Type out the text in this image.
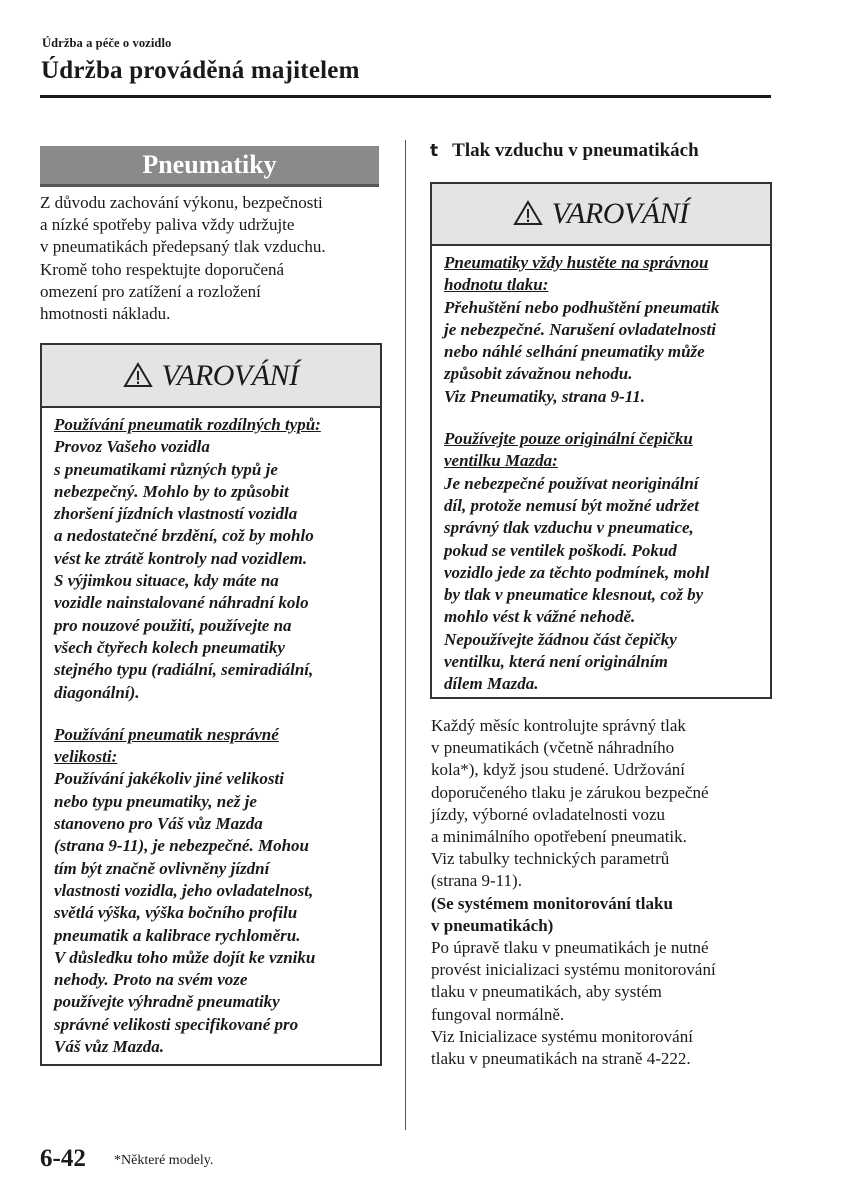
Údržba a péče o vozidlo
Údržba prováděná majitelem
Pneumatiky
Z důvodu zachování výkonu, bezpečnosti
a nízké spotřeby paliva vždy udržujte
v pneumatikách předepsaný tlak vzduchu.
Kromě toho respektujte doporučená
omezení pro zatížení a rozložení
hmotnosti nákladu.
VAROVÁNÍ
Používání pneumatik rozdílných typů:
Provoz Vašeho vozidla
s pneumatikami různých typů je
nebezpečný. Mohlo by to způsobit
zhoršení jízdních vlastností vozidla
a nedostatečné brzdění, což by mohlo
vést ke ztrátě kontroly nad vozidlem.
S výjimkou situace, kdy máte na
vozidle nainstalované náhradní kolo
pro nouzové použití, používejte na
všech čtyřech kolech pneumatiky
stejného typu (radiální, semiradiální,
diagonální).
Používání pneumatik nesprávné
velikosti:
Používání jakékoliv jiné velikosti
nebo typu pneumatiky, než je
stanoveno pro Váš vůz Mazda
(strana 9-11), je nebezpečné. Mohou
tím být značně ovlivněny jízdní
vlastnosti vozidla, jeho ovladatelnost,
světlá výška, výška bočního profilu
pneumatik a kalibrace rychloměru.
V důsledku toho může dojít ke vzniku
nehody. Proto na svém voze
používejte výhradně pneumatiky
správné velikosti specifikované pro
Váš vůz Mazda.
t Tlak vzduchu v pneumatikách
VAROVÁNÍ
Pneumatiky vždy hustěte na správnou
hodnotu tlaku:
Přehuštění nebo podhuštění pneumatik
je nebezpečné. Narušení ovladatelnosti
nebo náhlé selhání pneumatiky může
způsobit závažnou nehodu.
Viz Pneumatiky, strana 9-11.
Používejte pouze originální čepičku
ventilku Mazda:
Je nebezpečné používat neoriginální
díl, protože nemusí být možné udržet
správný tlak vzduchu v pneumatice,
pokud se ventilek poškodí. Pokud
vozidlo jede za těchto podmínek, mohl
by tlak v pneumatice klesnout, což by
mohlo vést k vážné nehodě.
Nepoužívejte žádnou část čepičky
ventilku, která není originálním
dílem Mazda.
Každý měsíc kontrolujte správný tlak
v pneumatikách (včetně náhradního
kola*), když jsou studené. Udržování
doporučeného tlaku je zárukou bezpečné
jízdy, výborné ovladatelnosti vozu
a minimálního opotřebení pneumatik.
Viz tabulky technických parametrů
(strana 9-11).
(Se systémem monitorování tlaku
v pneumatikách)
Po úpravě tlaku v pneumatikách je nutné
provést inicializaci systému monitorování
tlaku v pneumatikách, aby systém
fungoval normálně.
Viz Inicializace systému monitorování
tlaku v pneumatikách na straně 4-222.
6-42 *Některé modely.
